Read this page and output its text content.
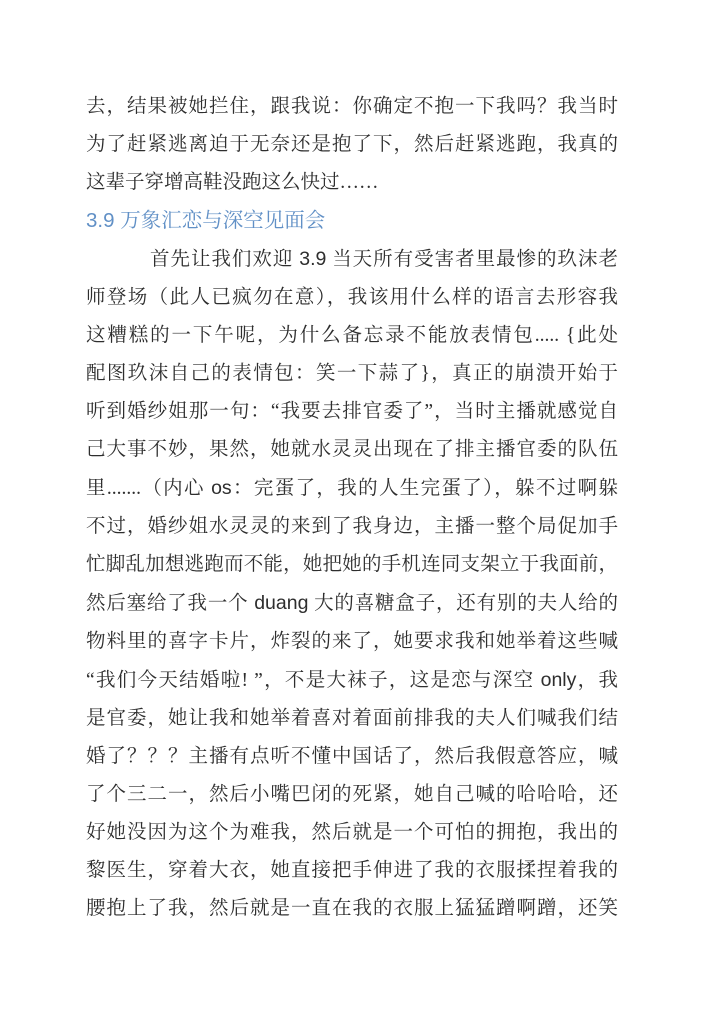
去，结果被她拦住，跟我说：你确定不抱一下我吗？我当时
为了赶紧逃离迫于无奈还是抱了下，然后赶紧逃跑，我真的
这辈子穿增高鞋没跑这么快过……
3.9 万象汇恋与深空见面会
首先让我们欢迎 3.9 当天所有受害者里最惨的玖沫老
师登场（此人已疯勿在意），我该用什么样的语言去形容我
这糟糕的一下午呢，为什么备忘录不能放表情包..... {此处
配图玖沫自己的表情包：笑一下蒜了}，真正的崩溃开始于
听到婚纱姐那一句：“我要去排官委了”，当时主播就感觉自
己大事不妙，果然，她就水灵灵出现在了排主播官委的队伍
里.......（内心 os：完蛋了，我的人生完蛋了），躲不过啊躲
不过，婚纱姐水灵灵的来到了我身边，主播一整个局促加手
忙脚乱加想逃跑而不能，她把她的手机连同支架立于我面前，
然后塞给了我一个 duang 大的喜糖盒子，还有别的夫人给的
物料里的喜字卡片，炸裂的来了，她要求我和她举着这些喊
“我们今天结婚啦! ”，不是大袜子，这是恋与深空 only，我
是官委，她让我和她举着喜对着面前排我的夫人们喊我们结
婚了？？？主播有点听不懂中国话了，然后我假意答应，喊
了个三二一，然后小嘴巴闭的死紧，她自己喊的哈哈哈，还
好她没因为这个为难我，然后就是一个可怕的拥抱，我出的
黎医生，穿着大衣，她直接把手伸进了我的衣服揉捏着我的
腰抱上了我，然后就是一直在我的衣服上猛猛蹭啊蹭，还笑
